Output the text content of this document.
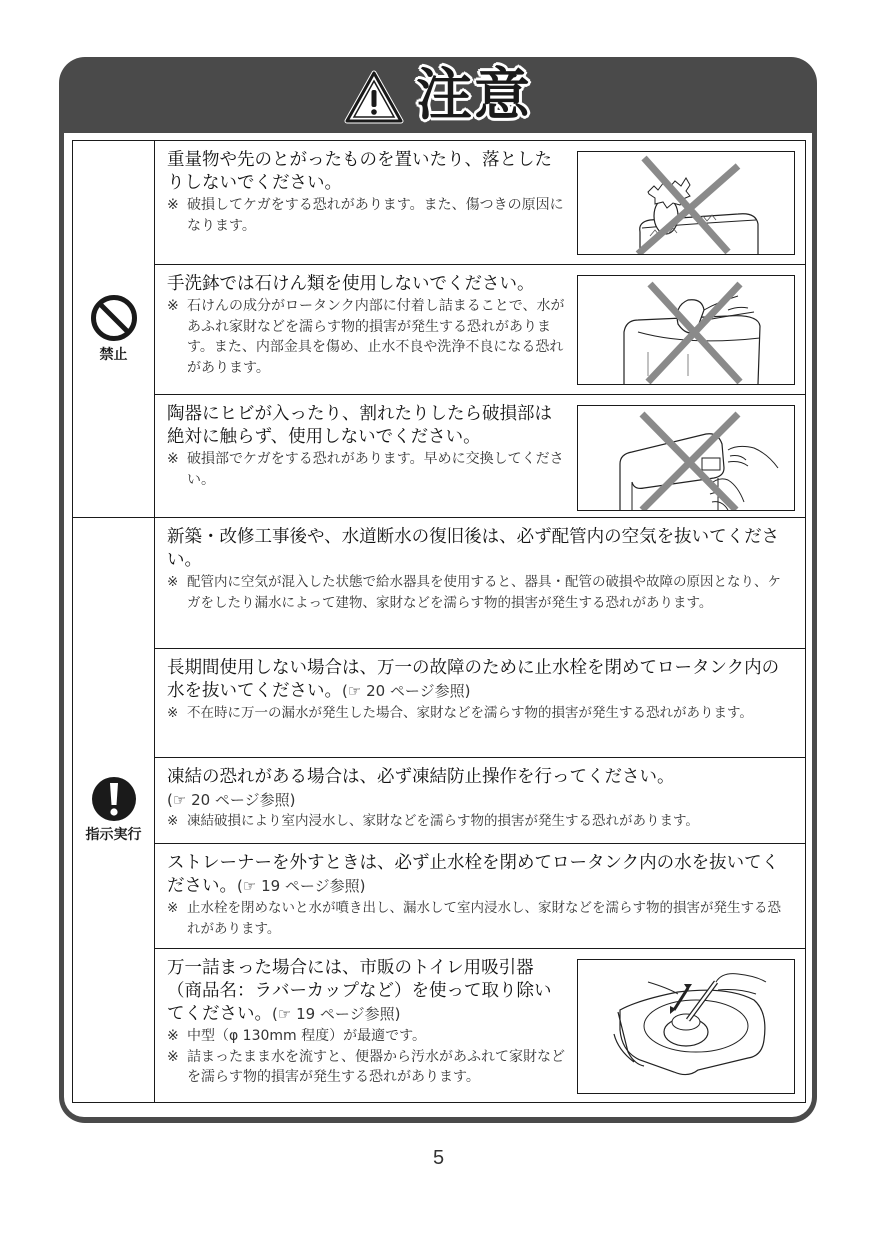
注意
禁止
重量物や先のとがったものを置いたり、落としたりしないでください。
※ 破損してケガをする恐れがあります。また、傷つきの原因になります。
手洗鉢では石けん類を使用しないでください。
※ 石けんの成分がロータンク内部に付着し詰まることで、水があふれ家財などを濡らす物的損害が発生する恐れがあります。また、内部金具を傷め、止水不良や洗浄不良になる恐れがあります。
陶器にヒビが入ったり、割れたりしたら破損部は絶対に触らず、使用しないでください。
※ 破損部でケガをする恐れがあります。早めに交換してください。
指示実行
新築・改修工事後や、水道断水の復旧後は、必ず配管内の空気を抜いてください。
※ 配管内に空気が混入した状態で給水器具を使用すると、器具・配管の破損や故障の原因となり、ケガをしたり漏水によって建物、家財などを濡らす物的損害が発生する恐れがあります。
長期間使用しない場合は、万一の故障のために止水栓を閉めてロータンク内の水を抜いてください。(☞ 20 ページ参照)
※ 不在時に万一の漏水が発生した場合、家財などを濡らす物的損害が発生する恐れがあります。
凍結の恐れがある場合は、必ず凍結防止操作を行ってください。
(☞ 20 ページ参照)
※ 凍結破損により室内浸水し、家財などを濡らす物的損害が発生する恐れがあります。
ストレーナーを外すときは、必ず止水栓を閉めてロータンク内の水を抜いてください。(☞ 19 ページ参照)
※ 止水栓を閉めないと水が噴き出し、漏水して室内浸水し、家財などを濡らす物的損害が発生する恐れがあります。
万一詰まった場合には、市販のトイレ用吸引器（商品名：ラバーカップなど）を使って取り除いてください。(☞ 19 ページ参照)
※ 中型（φ 130mm 程度）が最適です。
※ 詰まったまま水を流すと、便器から汚水があふれて家財などを濡らす物的損害が発生する恐れがあります。
5
